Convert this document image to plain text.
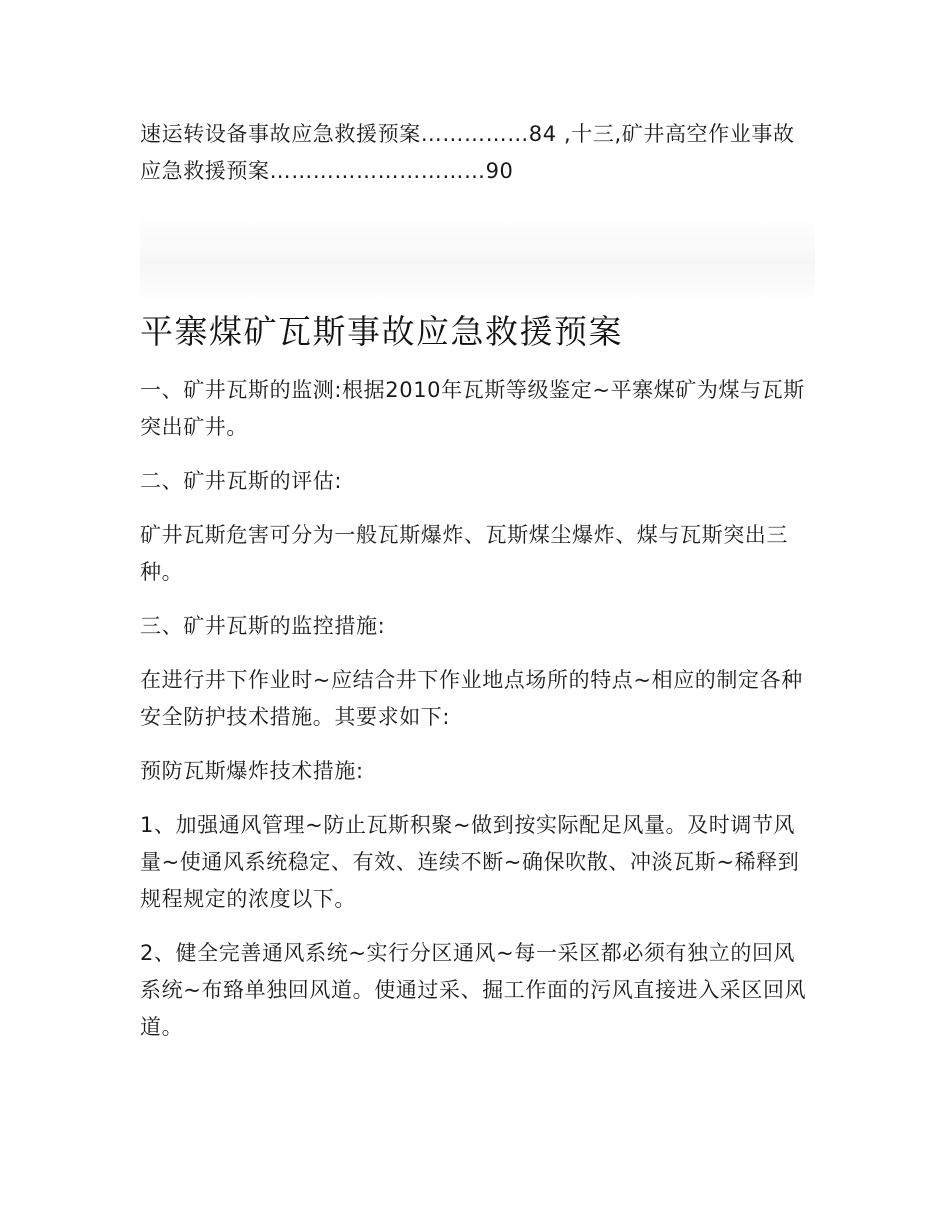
速运转设备事故应急救援预案……………84 ,十三,矿井高空作业事故应急救援预案…………………………90

平寨煤矿瓦斯事故应急救援预案

一、矿井瓦斯的监测:根据2010年瓦斯等级鉴定~平寨煤矿为煤与瓦斯突出矿井。

二、矿井瓦斯的评估:

矿井瓦斯危害可分为一般瓦斯爆炸、瓦斯煤尘爆炸、煤与瓦斯突出三种。

三、矿井瓦斯的监控措施:

在进行井下作业时~应结合井下作业地点场所的特点~相应的制定各种安全防护技术措施。其要求如下:

预防瓦斯爆炸技术措施:

1、加强通风管理~防止瓦斯积聚~做到按实际配足风量。及时调节风量~使通风系统稳定、有效、连续不断~确保吹散、冲淡瓦斯~稀释到规程规定的浓度以下。

2、健全完善通风系统~实行分区通风~每一采区都必须有独立的回风系统~布臵单独回风道。使通过采、掘工作面的污风直接进入采区回风道。
